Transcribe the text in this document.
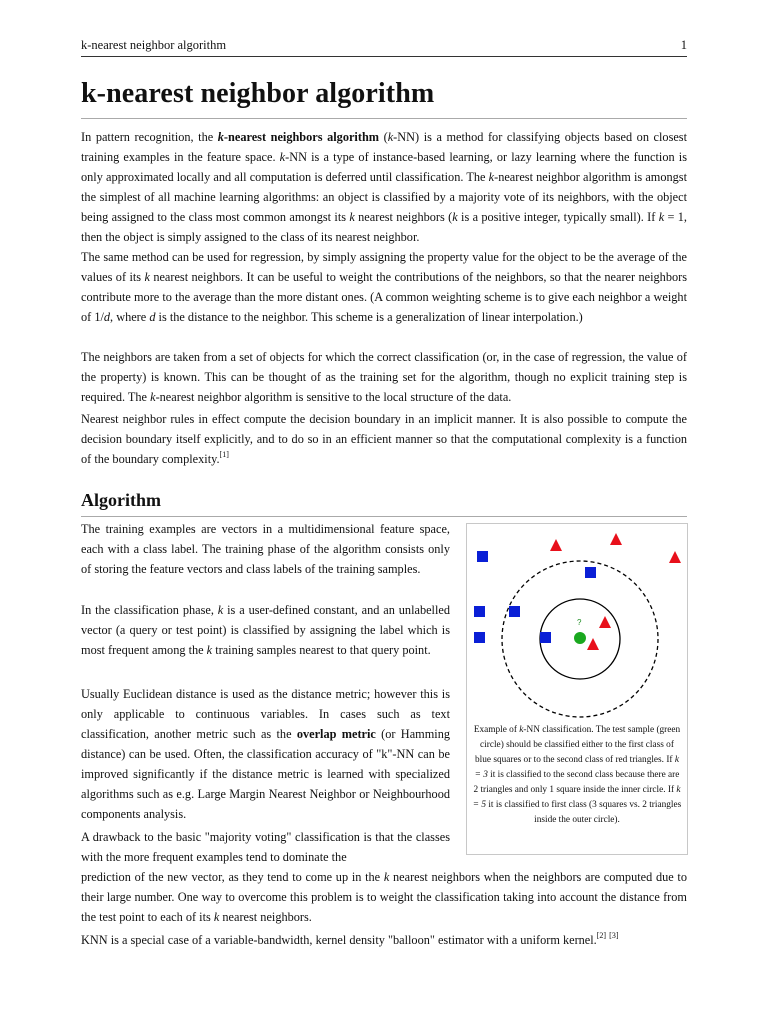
k-nearest neighbor algorithm	1
k-nearest neighbor algorithm

In pattern recognition, the k-nearest neighbors algorithm (k-NN) is a method for classifying objects based on closest training examples in the feature space. k-NN is a type of instance-based learning, or lazy learning where the function is only approximated locally and all computation is deferred until classification. The k-nearest neighbor algorithm is amongst the simplest of all machine learning algorithms: an object is classified by a majority vote of its neighbors, with the object being assigned to the class most common amongst its k nearest neighbors (k is a positive integer, typically small). If k = 1, then the object is simply assigned to the class of its nearest neighbor.

The same method can be used for regression, by simply assigning the property value for the object to be the average of the values of its k nearest neighbors. It can be useful to weight the contributions of the neighbors, so that the nearer neighbors contribute more to the average than the more distant ones. (A common weighting scheme is to give each neighbor a weight of 1/d, where d is the distance to the neighbor. This scheme is a generalization of linear interpolation.)

The neighbors are taken from a set of objects for which the correct classification (or, in the case of regression, the value of the property) is known. This can be thought of as the training set for the algorithm, though no explicit training step is required. The k-nearest neighbor algorithm is sensitive to the local structure of the data.

Nearest neighbor rules in effect compute the decision boundary in an implicit manner. It is also possible to compute the decision boundary itself explicitly, and to do so in an efficient manner so that the computational complexity is a function of the boundary complexity.[1]

Algorithm

The training examples are vectors in a multidimensional feature space, each with a class label. The training phase of the algorithm consists only of storing the feature vectors and class labels of the training samples.

In the classification phase, k is a user-defined constant, and an unlabelled vector (a query or test point) is classified by assigning the label which is most frequent among the k training samples nearest to that query point.

Usually Euclidean distance is used as the distance metric; however this is only applicable to continuous variables. In cases such as text classification, another metric such as the overlap metric (or Hamming distance) can be used. Often, the classification accuracy of "k"-NN can be improved significantly if the distance metric is learned with specialized algorithms such as e.g. Large Margin Nearest Neighbor or Neighbourhood components analysis.

A drawback to the basic "majority voting" classification is that the classes with the more frequent examples tend to dominate the

prediction of the new vector, as they tend to come up in the k nearest neighbors when the neighbors are computed due to their large number. One way to overcome this problem is to weight the classification taking into account the distance from the test point to each of its k nearest neighbors.

KNN is a special case of a variable-bandwidth, kernel density "balloon" estimator with a uniform kernel.[2] [3]

?
Example of k-NN classification. The test sample (green circle) should be classified either to the first class of blue squares or to the second class of red triangles. If k = 3 it is classified to the second class because there are 2 triangles and only 1 square inside the inner circle. If k = 5 it is classified to first class (3 squares vs. 2 triangles inside the outer circle).
